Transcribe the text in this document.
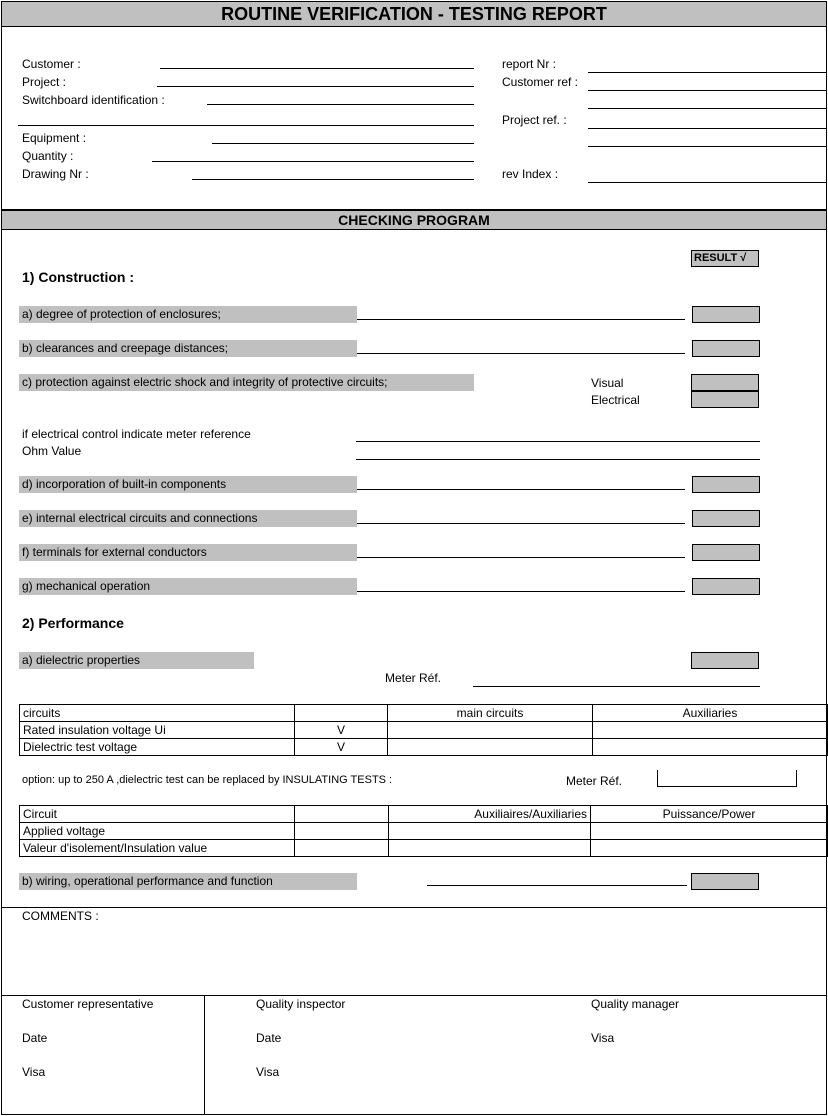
ROUTINE VERIFICATION - TESTING REPORT
Customer :
Project :
Switchboard identification :
Equipment :
Quantity :
Drawing Nr :
report Nr :
Customer ref :
Project ref. :
rev Index :
CHECKING PROGRAM
RESULT √
1) Construction :
a) degree of protection of enclosures;
b) clearances and creepage distances;
c) protection against electric shock and integrity of protective circuits;	Visual
Electrical
if electrical control indicate meter reference
Ohm Value
d) incorporation of built-in components
e) internal electrical circuits and connections
f) terminals for external conductors
g) mechanical operation
2) Performance
a) dielectric properties
Meter Réf.
circuits		main circuits	Auxiliaries
Rated insulation voltage Ui	V		
Dielectric test voltage	V		
option: up to 250 A ,dielectric test can be replaced by INSULATING TESTS :	Meter Réf.
Circuit		Auxiliaires/Auxiliaries	Puissance/Power
Applied voltage			
Valeur d'isolement/Insulation value			
b) wiring, operational performance and function
COMMENTS :
Customer representative
Date
Visa
Quality inspector
Date
Visa
Quality manager
Visa
